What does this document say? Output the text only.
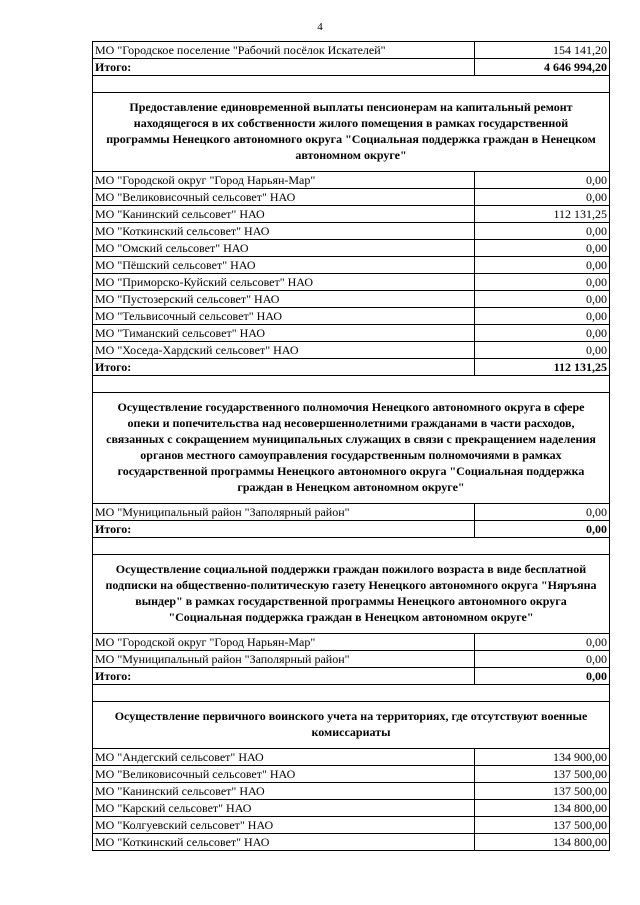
4
МО "Городское поселение "Рабочий посёлок Искателей"	154 141,20
Итого:	4 646 994,20
Предоставление единовременной выплаты пенсионерам на капитальный ремонт находящегося в их собственности жилого помещения в рамках государственной программы Ненецкого автономного округа "Социальная поддержка граждан в Ненецком автономном округе"
МО "Городской округ "Город Нарьян-Мар"	0,00
МО "Великовисочный сельсовет" НАО	0,00
МО "Канинский сельсовет" НАО	112 131,25
МО "Коткинский сельсовет" НАО	0,00
МО "Омский сельсовет" НАО	0,00
МО "Пёшский сельсовет" НАО	0,00
МО "Приморско-Куйский сельсовет" НАО	0,00
МО "Пустозерский сельсовет" НАО	0,00
МО "Тельвисочный сельсовет" НАО	0,00
МО "Тиманский сельсовет" НАО	0,00
МО "Хоседа-Хардский сельсовет" НАО	0,00
Итого:	112 131,25
Осуществление государственного полномочия Ненецкого автономного округа в сфере опеки и попечительства над несовершеннолетними гражданами в части расходов, связанных с сокращением муниципальных служащих в связи с прекращением наделения органов местного самоуправления государственным полномочиями в рамках государственной программы Ненецкого автономного округа "Социальная поддержка граждан в Ненецком автономном округе"
МО "Муниципальный район "Заполярный район"	0,00
Итого:	0,00
Осуществление социальной поддержки граждан пожилого возраста в виде бесплатной подписки на общественно-политическую газету Ненецкого автономного округа "Няръяна вындер" в рамках государственной программы Ненецкого автономного округа "Социальная поддержка граждан в Ненецком автономном округе"
МО "Городской округ "Город Нарьян-Мар"	0,00
МО "Муниципальный район "Заполярный район"	0,00
Итого:	0,00
Осуществление первичного воинского учета на территориях, где отсутствуют военные комиссариаты
МО "Андегский сельсовет" НАО	134 900,00
МО "Великовисочный сельсовет" НАО	137 500,00
МО "Канинский сельсовет" НАО	137 500,00
МО "Карский сельсовет" НАО	134 800,00
МО "Колгуевский сельсовет" НАО	137 500,00
МО "Коткинский сельсовет" НАО	134 800,00
